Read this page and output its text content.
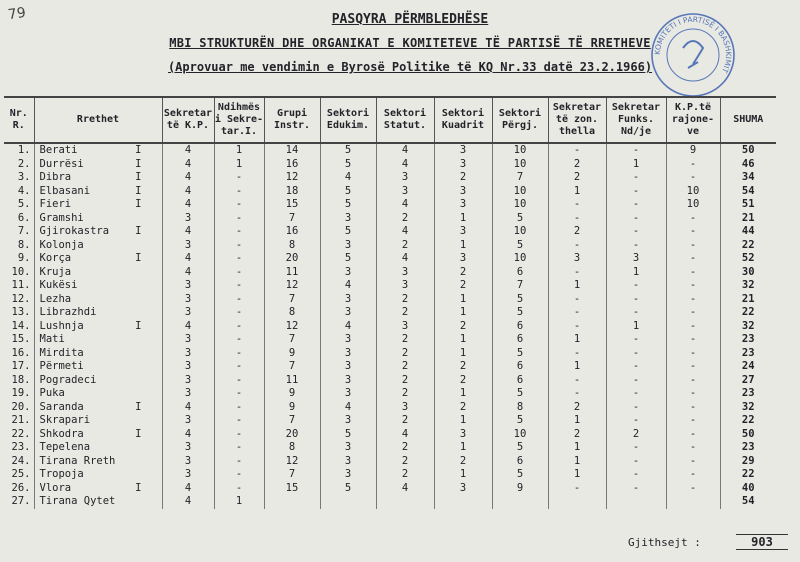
79	PASQYRA PËRMBLEDHËSE
MBI STRUKTURËN DHE ORGANIKAT E KOMITETEVE TË PARTISË TË RRETHEVE
(Aprovuar me vendimin e Byrosë Politike të KQ Nr.33 datë 23.2.1966)
KOMITETI I PARTISË I BASHKIMIT
Nr. R.	Rrethet	Sekretar të K.P.	Ndihmës i Sekre-tar.I.	Grupi Instr.	Sektori Edukim.	Sektori Statut.	Sektori Kuadrit	Sektori Përgj.	Sekretar të zon. thella	Sekretar Funks. Nd/je	K.P.të rajone-ve	SHUMA
1.	Berati I	4	1	14	5	4	3	10	-	-	9	50
2.	Durrësi I	4	1	16	5	4	3	10	2	1	-	46
3.	Dibra I	4	-	12	4	3	2	7	2	-	-	34
4.	Elbasani I	4	-	18	5	3	3	10	1	-	10	54
5.	Fieri I	4	-	15	5	4	3	10	-	-	10	51
6.	Gramshi	3	-	7	3	2	1	5	-	-	-	21
7.	Gjirokastra I	4	-	16	5	4	3	10	2	-	-	44
8.	Kolonja	3	-	8	3	2	1	5	-	-	-	22
9.	Korça I	4	-	20	5	4	3	10	3	3	-	52
10.	Kruja	4	-	11	3	3	2	6	-	1	-	30
11.	Kukësi	3	-	12	4	3	2	7	1	-	-	32
12.	Lezha	3	-	7	3	2	1	5	-	-	-	21
13.	Librazhdi	3	-	8	3	2	1	5	-	-	-	22
14.	Lushnja I	4	-	12	4	3	2	6	-	1	-	32
15.	Mati	3	-	7	3	2	1	6	1	-	-	23
16.	Mirdita	3	-	9	3	2	1	5	-	-	-	23
17.	Përmeti	3	-	7	3	2	2	6	1	-	-	24
18.	Pogradeci	3	-	11	3	2	2	6	-	-	-	27
19.	Puka	3	-	9	3	2	1	5	-	-	-	23
20.	Saranda I	4	-	9	4	3	2	8	2	-	-	32
21.	Skrapari	3	-	7	3	2	1	5	1	-	-	22
22.	Shkodra I	4	-	20	5	4	3	10	2	2	-	50
23.	Tepelena	3	-	8	3	2	1	5	1	-	-	23
24.	Tirana Rreth	3	-	12	3	2	2	6	1	-	-	29
25.	Tropoja	3	-	7	3	2	1	5	1	-	-	22
26.	Vlora I	4	-	15	5	4	3	9	-	-	-	40
27.	Tirana Qytet	4	1									54
Gjithsejt :	903
